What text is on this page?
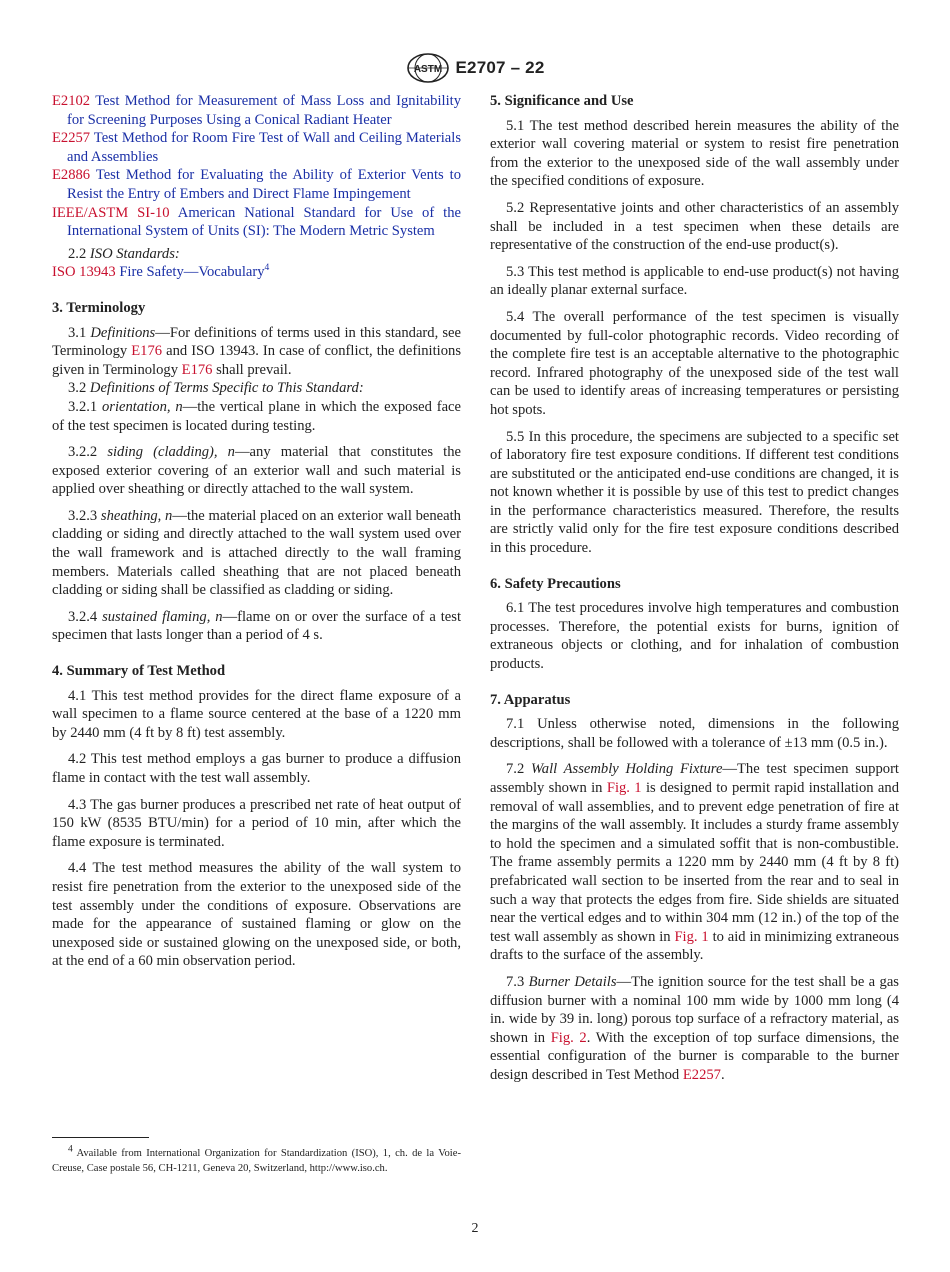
ASTM E2707 – 22

E2102 Test Method for Measurement of Mass Loss and Ignitability for Screening Purposes Using a Conical Radiant Heater

E2257 Test Method for Room Fire Test of Wall and Ceiling Materials and Assemblies

E2886 Test Method for Evaluating the Ability of Exterior Vents to Resist the Entry of Embers and Direct Flame Impingement

IEEE/ASTM SI-10 American National Standard for Use of the International System of Units (SI): The Modern Metric System

2.2 ISO Standards:

ISO 13943 Fire Safety—Vocabulary$^4$

3. Terminology

3.1 Definitions—For definitions of terms used in this standard, see Terminology E176 and ISO 13943. In case of conflict, the definitions given in Terminology E176 shall prevail.

3.2 Definitions of Terms Specific to This Standard:

3.2.1 orientation, n—the vertical plane in which the exposed face of the test specimen is located during testing.

3.2.2 siding (cladding), n—any material that constitutes the exposed exterior covering of an exterior wall and such material is applied over sheathing or directly attached to the wall system.

3.2.3 sheathing, n—the material placed on an exterior wall beneath cladding or siding and directly attached to the wall system used over the wall framework and is attached directly to the wall framing members. Materials called sheathing that are not placed beneath cladding or siding shall be classified as cladding or siding.

3.2.4 sustained flaming, n—flame on or over the surface of a test specimen that lasts longer than a period of 4 s.

4. Summary of Test Method

4.1 This test method provides for the direct flame exposure of a wall specimen to a flame source centered at the base of a 1220 mm by 2440 mm (4 ft by 8 ft) test assembly.

4.2 This test method employs a gas burner to produce a diffusion flame in contact with the test wall assembly.

4.3 The gas burner produces a prescribed net rate of heat output of 150 kW (8535 BTU/min) for a period of 10 min, after which the flame exposure is terminated.

4.4 The test method measures the ability of the wall system to resist fire penetration from the exterior to the unexposed side of the test assembly under the conditions of exposure. Observations are made for the appearance of sustained flaming or glow on the unexposed side or sustained glowing on the unexposed side, or both, at the end of a 60 min observation period.

$^4$ Available from International Organization for Standardization (ISO), 1, ch. de la Voie-Creuse, Case postale 56, CH-1211, Geneva 20, Switzerland, http://www.iso.ch.

5. Significance and Use

5.1 The test method described herein measures the ability of the exterior wall covering material or system to resist fire penetration from the exterior to the unexposed side of the wall assembly under the specified conditions of exposure.

5.2 Representative joints and other characteristics of an assembly shall be included in a test specimen when these details are representative of the construction of the end-use product(s).

5.3 This test method is applicable to end-use product(s) not having an ideally planar external surface.

5.4 The overall performance of the test specimen is visually documented by full-color photographic records. Video recording of the complete fire test is an acceptable alternative to the photographic record. Infrared photography of the unexposed side of the test wall can be used to identify areas of increasing temperatures or persisting hot spots.

5.5 In this procedure, the specimens are subjected to a specific set of laboratory fire test exposure conditions. If different test conditions are substituted or the anticipated end-use conditions are changed, it is not known whether it is possible by use of this test to predict changes in the performance characteristics measured. Therefore, the results are strictly valid only for the fire test exposure conditions described in this procedure.

6. Safety Precautions

6.1 The test procedures involve high temperatures and combustion processes. Therefore, the potential exists for burns, ignition of extraneous objects or clothing, and for inhalation of combustion products.

7. Apparatus

7.1 Unless otherwise noted, dimensions in the following descriptions, shall be followed with a tolerance of ±13 mm (0.5 in.).

7.2 Wall Assembly Holding Fixture—The test specimen support assembly shown in Fig. 1 is designed to permit rapid installation and removal of wall assemblies, and to prevent edge penetration of fire at the margins of the wall assembly. It includes a sturdy frame assembly to hold the specimen and a simulated soffit that is non-combustible. The frame assembly permits a 1220 mm by 2440 mm (4 ft by 8 ft) prefabricated wall section to be inserted from the rear and to seal in such a way that protects the edges from fire. Side shields are situated near the vertical edges and to within 304 mm (12 in.) of the top of the test wall assembly as shown in Fig. 1 to aid in minimizing extraneous drafts to the surface of the assembly.

7.3 Burner Details—The ignition source for the test shall be a gas diffusion burner with a nominal 100 mm wide by 1000 mm long (4 in. wide by 39 in. long) porous top surface of a refractory material, as shown in Fig. 2. With the exception of top surface dimensions, the essential configuration of the burner is comparable to the burner design described in Test Method E2257.

2
